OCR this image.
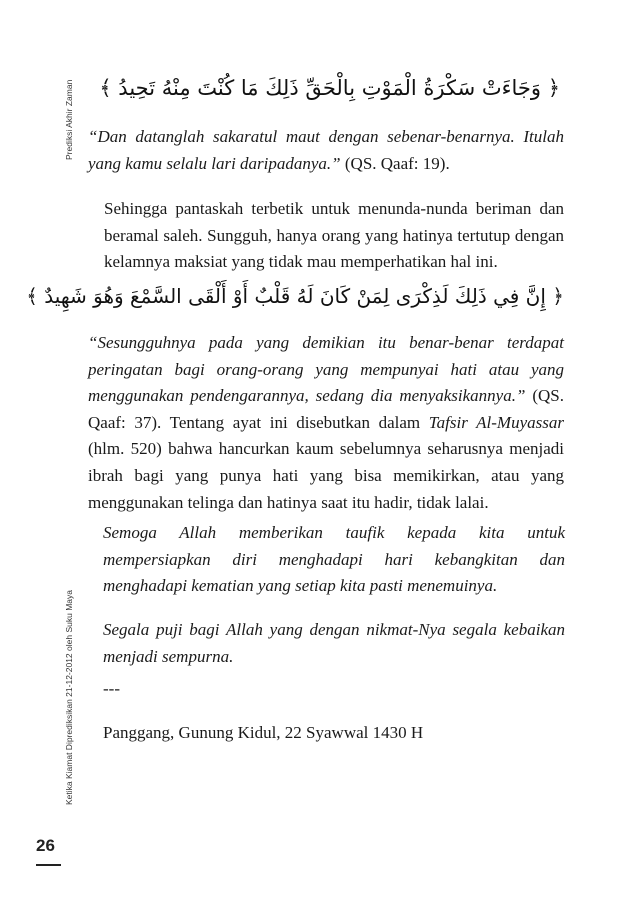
Prediksi Akhir Zaman
Ketika Kiamat Diprediksikan 21-12-2012 oleh Suku Maya
﴿ وَجَاءَتْ سَكْرَةُ الْمَوْتِ بِالْحَقِّ ذَلِكَ مَا كُنْتَ مِنْهُ تَحِيدُ ﴾
“Dan datanglah sakaratul maut dengan sebenar-benarnya. Itulah yang kamu selalu lari daripadanya.” (QS. Qaaf: 19).
Sehingga pantaskah terbetik untuk menunda-nunda beriman dan beramal saleh. Sungguh, hanya orang yang hatinya tertutup dengan kelamnya maksiat yang tidak mau memperhatikan hal ini.
﴿ إِنَّ فِي ذَلِكَ لَذِكْرَى لِمَنْ كَانَ لَهُ قَلْبٌ أَوْ أَلْقَى السَّمْعَ وَهُوَ شَهِيدٌ ﴾
“Sesungguhnya pada yang demikian itu benar-benar terdapat peringatan bagi orang-orang yang mempunyai hati atau yang menggunakan pendengarannya, sedang dia menyaksikannya.” (QS. Qaaf: 37). Tentang ayat ini disebutkan dalam Tafsir Al-Muyassar (hlm. 520) bahwa hancurkan kaum sebelumnya seharusnya menjadi ibrah bagi yang punya hati yang bisa memikirkan, atau yang menggunakan telinga dan hatinya saat itu hadir, tidak lalai.
Semoga Allah memberikan taufik kepada kita untuk mempersiapkan diri menghadapi hari kebangkitan dan menghadapi kematian yang setiap kita pasti menemuinya.
Segala puji bagi Allah yang dengan nikmat-Nya segala kebaikan menjadi sempurna.
---
Panggang, Gunung Kidul, 22 Syawwal 1430 H
26
